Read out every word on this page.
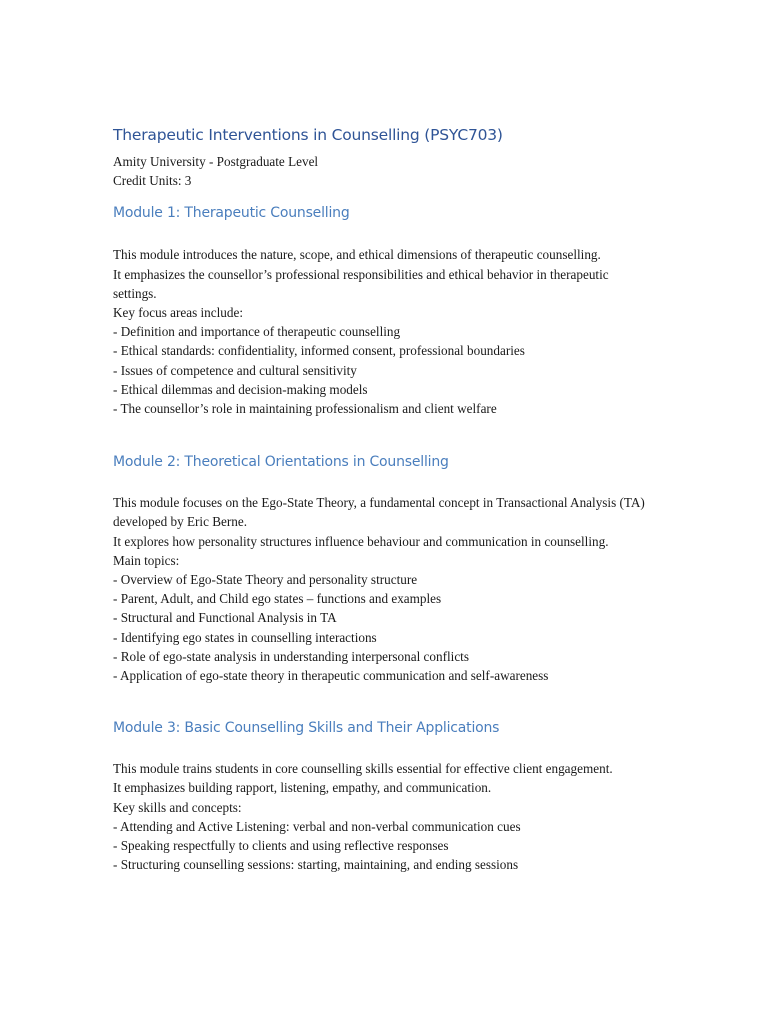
Therapeutic Interventions in Counselling (PSYC703)

Amity University - Postgraduate Level

Credit Units: 3

Module 1: Therapeutic Counselling

This module introduces the nature, scope, and ethical dimensions of therapeutic counselling.

It emphasizes the counsellor’s professional responsibilities and ethical behavior in therapeutic settings.

Key focus areas include:

- Definition and importance of therapeutic counselling

- Ethical standards: confidentiality, informed consent, professional boundaries

- Issues of competence and cultural sensitivity

- Ethical dilemmas and decision-making models

- The counsellor’s role in maintaining professionalism and client welfare

Module 2: Theoretical Orientations in Counselling

This module focuses on the Ego-State Theory, a fundamental concept in Transactional Analysis (TA) developed by Eric Berne.

It explores how personality structures influence behaviour and communication in counselling.

Main topics:

- Overview of Ego-State Theory and personality structure

- Parent, Adult, and Child ego states – functions and examples

- Structural and Functional Analysis in TA

- Identifying ego states in counselling interactions

- Role of ego-state analysis in understanding interpersonal conflicts

- Application of ego-state theory in therapeutic communication and self-awareness

Module 3: Basic Counselling Skills and Their Applications

This module trains students in core counselling skills essential for effective client engagement.

It emphasizes building rapport, listening, empathy, and communication.

Key skills and concepts:

- Attending and Active Listening: verbal and non-verbal communication cues

- Speaking respectfully to clients and using reflective responses

- Structuring counselling sessions: starting, maintaining, and ending sessions
